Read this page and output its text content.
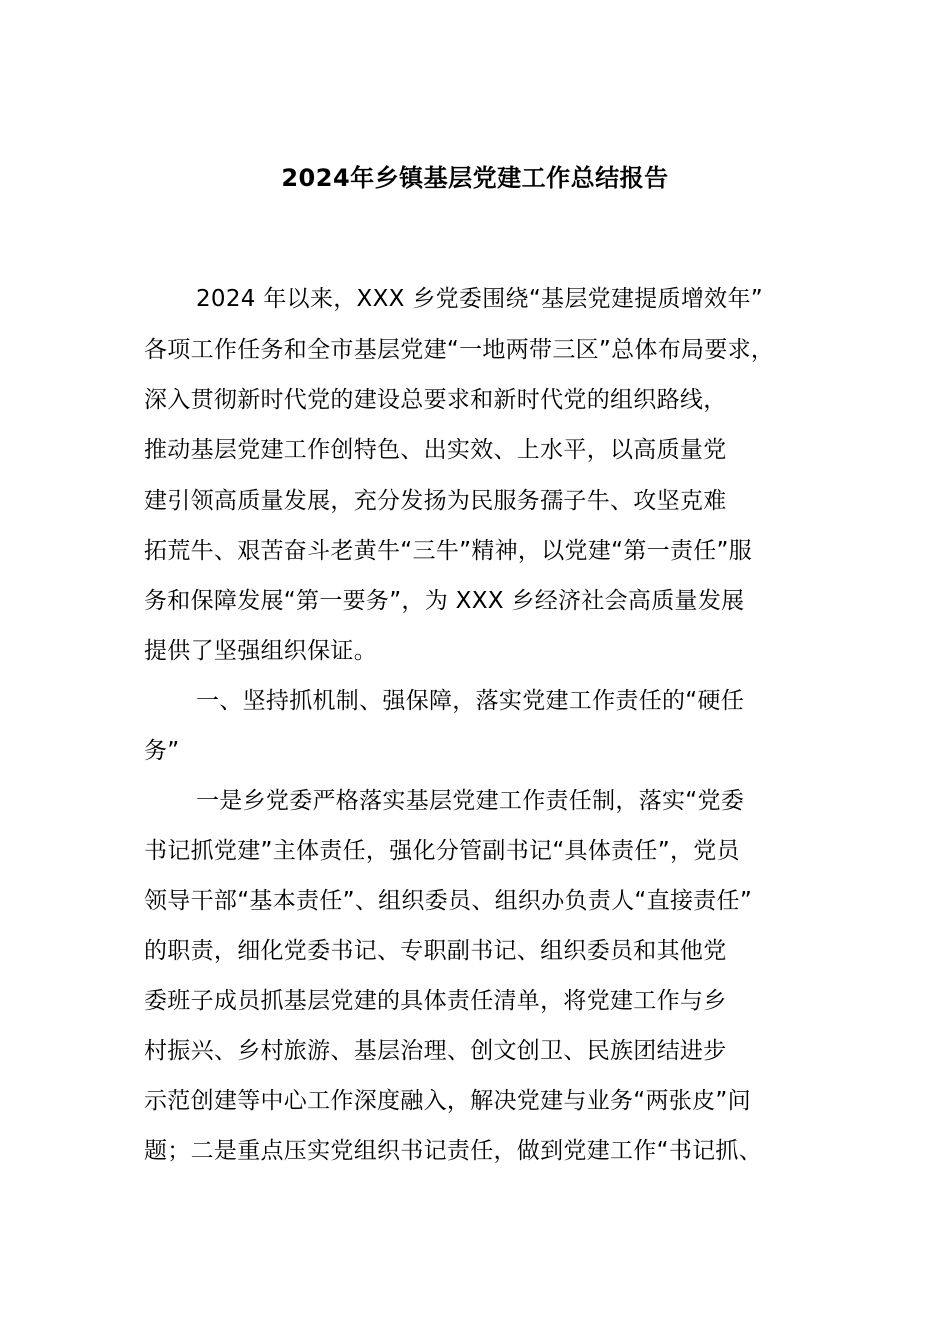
2024年乡镇基层党建工作总结报告
2024 年以来，XXX 乡党委围绕“基层党建提质增效年”
各项工作任务和全市基层党建“一地两带三区”总体布局要求，
深入贯彻新时代党的建设总要求和新时代党的组织路线，
推动基层党建工作创特色、出实效、上水平，以高质量党
建引领高质量发展，充分发扬为民服务孺子牛、攻坚克难
拓荒牛、艰苦奋斗老黄牛“三牛”精神，以党建“第一责任”服
务和保障发展“第一要务”，为 XXX 乡经济社会高质量发展
提供了坚强组织保证。
一、坚持抓机制、强保障，落实党建工作责任的“硬任
务”
一是乡党委严格落实基层党建工作责任制，落实“党委
书记抓党建”主体责任，强化分管副书记“具体责任”，党员
领导干部“基本责任”、组织委员、组织办负责人“直接责任”
的职责，细化党委书记、专职副书记、组织委员和其他党
委班子成员抓基层党建的具体责任清单，将党建工作与乡
村振兴、乡村旅游、基层治理、创文创卫、民族团结进步
示范创建等中心工作深度融入，解决党建与业务“两张皮”问
题；二是重点压实党组织书记责任，做到党建工作“书记抓、
